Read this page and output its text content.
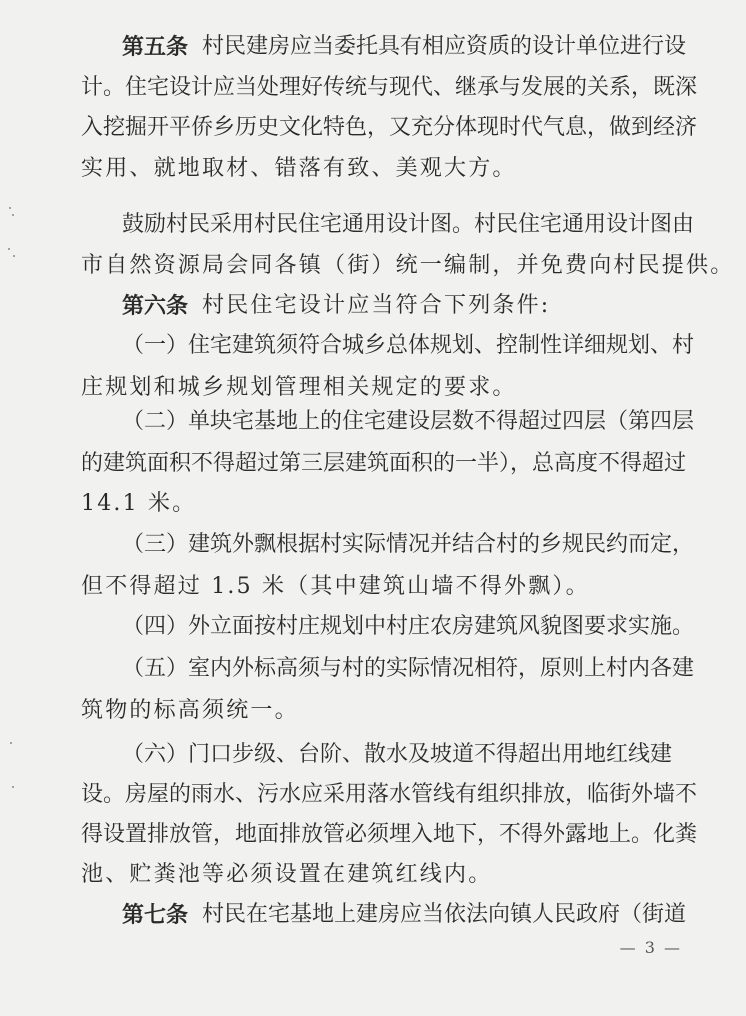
第五条 村民建房应当委托具有相应资质的设计单位进行设
计。住宅设计应当处理好传统与现代、继承与发展的关系，既深
入挖掘开平侨乡历史文化特色，又充分体现时代气息，做到经济
实用、就地取材、错落有致、美观大方。
鼓励村民采用村民住宅通用设计图。村民住宅通用设计图由
市自然资源局会同各镇（街）统一编制，并免费向村民提供。
第六条 村民住宅设计应当符合下列条件:
（一）住宅建筑须符合城乡总体规划、控制性详细规划、村
庄规划和城乡规划管理相关规定的要求。
（二）单块宅基地上的住宅建设层数不得超过四层（第四层
的建筑面积不得超过第三层建筑面积的一半），总高度不得超过
14.1 米。
（三）建筑外飘根据村实际情况并结合村的乡规民约而定，
但不得超过 1.5 米（其中建筑山墙不得外飘）。
（四）外立面按村庄规划中村庄农房建筑风貌图要求实施。
（五）室内外标高须与村的实际情况相符，原则上村内各建
筑物的标高须统一。
（六）门口步级、台阶、散水及坡道不得超出用地红线建
设。房屋的雨水、污水应采用落水管线有组织排放，临街外墙不
得设置排放管，地面排放管必须埋入地下，不得外露地上。化粪
池、贮粪池等必须设置在建筑红线内。
— 3 —
第七条 村民在宅基地上建房应当依法向镇人民政府（街道
